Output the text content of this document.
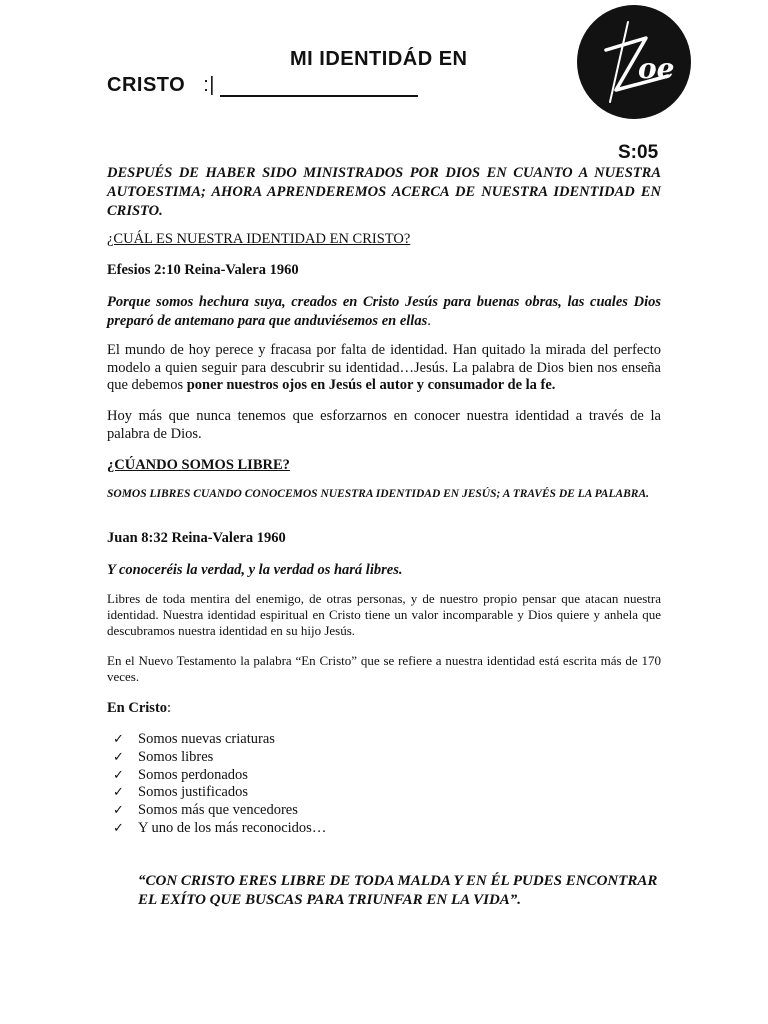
MI IDENTIDÁD EN
CRISTO :|	oe
S:05
DESPUÉS DE HABER SIDO MINISTRADOS POR DIOS EN CUANTO A NUESTRA AUTOESTIMA; AHORA APRENDEREMOS ACERCA DE NUESTRA IDENTIDAD EN CRISTO.
¿CUÁL ES NUESTRA IDENTIDAD EN CRISTO?
Efesios 2:10 Reina-Valera 1960
Porque somos hechura suya, creados en Cristo Jesús para buenas obras, las cuales Dios preparó de antemano para que anduviésemos en ellas.
El mundo de hoy perece y fracasa por falta de identidad. Han quitado la mirada del perfecto modelo a quien seguir para descubrir su identidad…Jesús. La palabra de Dios bien nos enseña que debemos poner nuestros ojos en Jesús el autor y consumador de la fe.
Hoy más que nunca tenemos que esforzarnos en conocer nuestra identidad a través de la palabra de Dios.
¿CÚANDO SOMOS LIBRE?
SOMOS LIBRES CUANDO CONOCEMOS NUESTRA IDENTIDAD EN JESÚS; A TRAVÉS DE LA PALABRA.
Juan 8:32 Reina-Valera 1960
Y conoceréis la verdad, y la verdad os hará libres.
Libres de toda mentira del enemigo, de otras personas, y de nuestro propio pensar que atacan nuestra identidad. Nuestra identidad espiritual en Cristo tiene un valor incomparable y Dios quiere y anhela que descubramos nuestra identidad en su hijo Jesús.
En el Nuevo Testamento la palabra “En Cristo” que se refiere a nuestra identidad está escrita más de 170 veces.
En Cristo:
✓ Somos nuevas criaturas
✓ Somos libres
✓ Somos perdonados
✓ Somos justificados
✓ Somos más que vencedores
✓ Y uno de los más reconocidos…
“CON CRISTO ERES LIBRE DE TODA MALDA Y EN ÉL PUDES ENCONTRAR EL EXÍTO QUE BUSCAS PARA TRIUNFAR EN LA VIDA”.
